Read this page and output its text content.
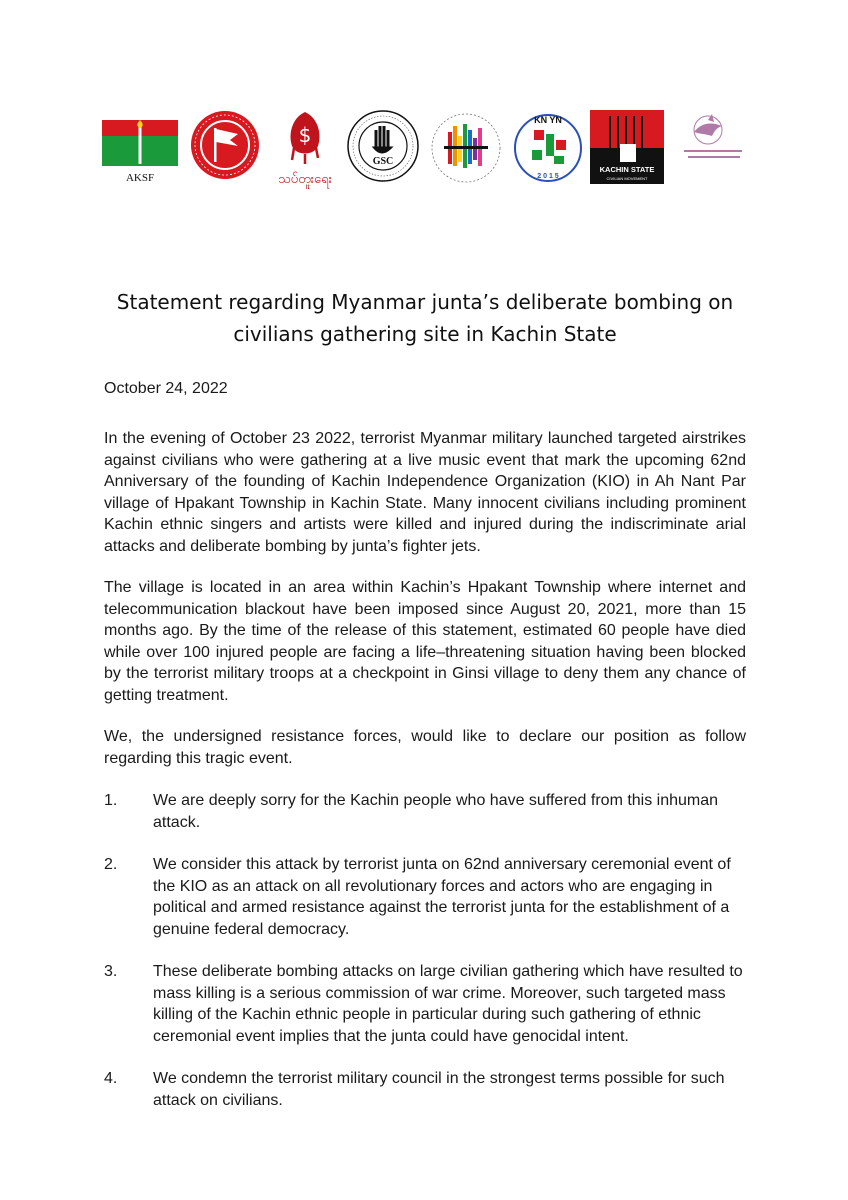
AKSF
$
သပ်တူးရေး
GSC
KN YN
2 0 1 5
KACHIN STATE
CIVILIAN MOVEMENT
Statement regarding Myanmar junta’s deliberate bombing on
civilians gathering site in Kachin State
October 24, 2022
In the evening of October 23 2022, terrorist Myanmar military launched targeted airstrikes against civilians who were gathering at a live music event that mark the upcoming 62nd Anniversary of the founding of Kachin Independence Organization (KIO) in Ah Nant Par village of Hpakant Township in Kachin State. Many innocent civilians including prominent Kachin ethnic singers and artists were killed and injured during the indiscriminate arial attacks and deliberate bombing by junta’s fighter jets.
The village is located in an area within Kachin’s Hpakant Township where internet and telecommunication blackout have been imposed since August 20, 2021, more than 15 months ago. By the time of the release of this statement, estimated 60 people have died while over 100 injured people are facing a life–threatening situation having been blocked by the terrorist military troops at a checkpoint in Ginsi village to deny them any chance of getting treatment.
We, the undersigned resistance forces, would like to declare our position as follow regarding this tragic event.
1.	We are deeply sorry for the Kachin people who have suffered from this inhuman attack.
2.	We consider this attack by terrorist junta on 62nd anniversary ceremonial event of the KIO as an attack on all revolutionary forces and actors who are engaging in political and armed resistance against the terrorist junta for the establishment of a genuine federal democracy.
3.	These deliberate bombing attacks on large civilian gathering which have resulted to mass killing is a serious commission of war crime. Moreover, such targeted mass killing of the Kachin ethnic people in particular during such gathering of ethnic ceremonial event implies that the junta could have genocidal intent.
4.	We condemn the terrorist military council in the strongest terms possible for such attack on civilians.
